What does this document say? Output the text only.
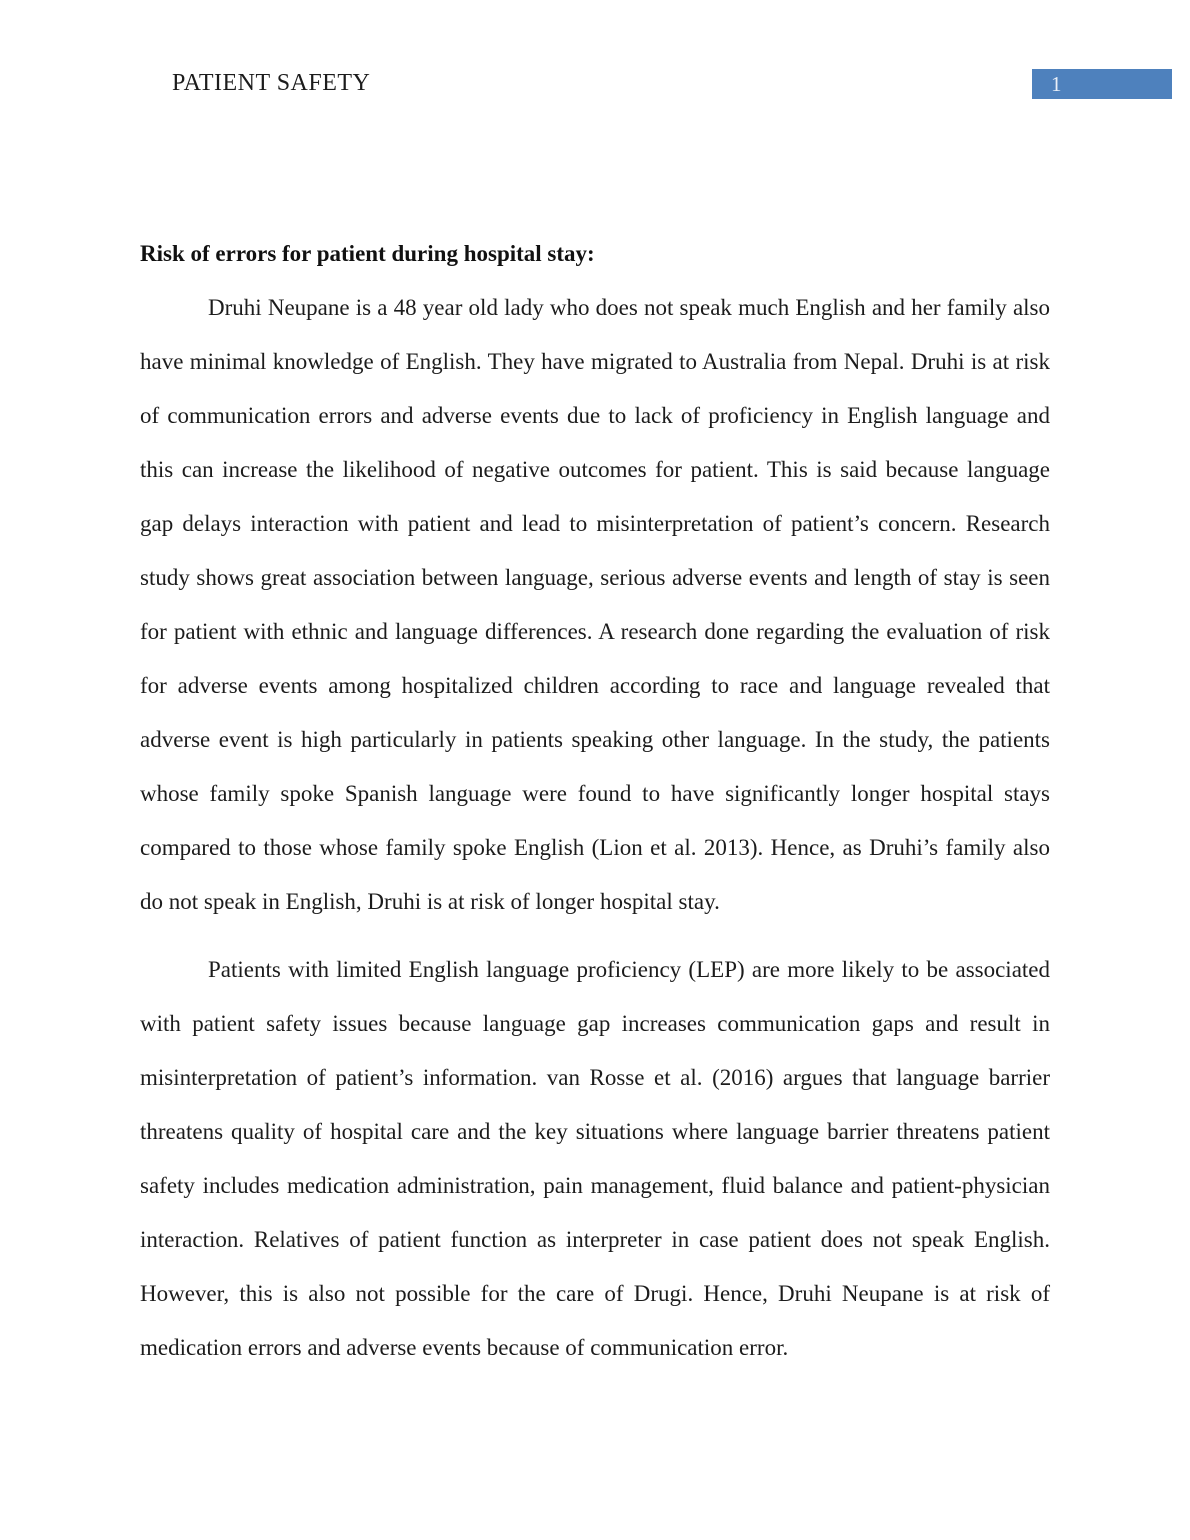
PATIENT SAFETY	1
Risk of errors for patient during hospital stay:

Druhi Neupane is a 48 year old lady who does not speak much English and her family also have minimal knowledge of English. They have migrated to Australia from Nepal. Druhi is at risk of communication errors and adverse events due to lack of proficiency in English language and this can increase the likelihood of negative outcomes for patient. This is said because language gap delays interaction with patient and lead to misinterpretation of patient’s concern. Research study shows great association between language, serious adverse events and length of stay is seen for patient with ethnic and language differences. A research done regarding the evaluation of risk for adverse events among hospitalized children according to race and language revealed that adverse event is high particularly in patients speaking other language. In the study, the patients whose family spoke Spanish language were found to have significantly longer hospital stays compared to those whose family spoke English (Lion et al. 2013). Hence, as Druhi’s family also do not speak in English, Druhi is at risk of longer hospital stay.

Patients with limited English language proficiency (LEP) are more likely to be associated with patient safety issues because language gap increases communication gaps and result in misinterpretation of patient’s information. van Rosse et al. (2016) argues that language barrier threatens quality of hospital care and the key situations where language barrier threatens patient safety includes medication administration, pain management, fluid balance and patient-physician interaction. Relatives of patient function as interpreter in case patient does not speak English. However, this is also not possible for the care of Drugi. Hence, Druhi Neupane is at risk of medication errors and adverse events because of communication error.
